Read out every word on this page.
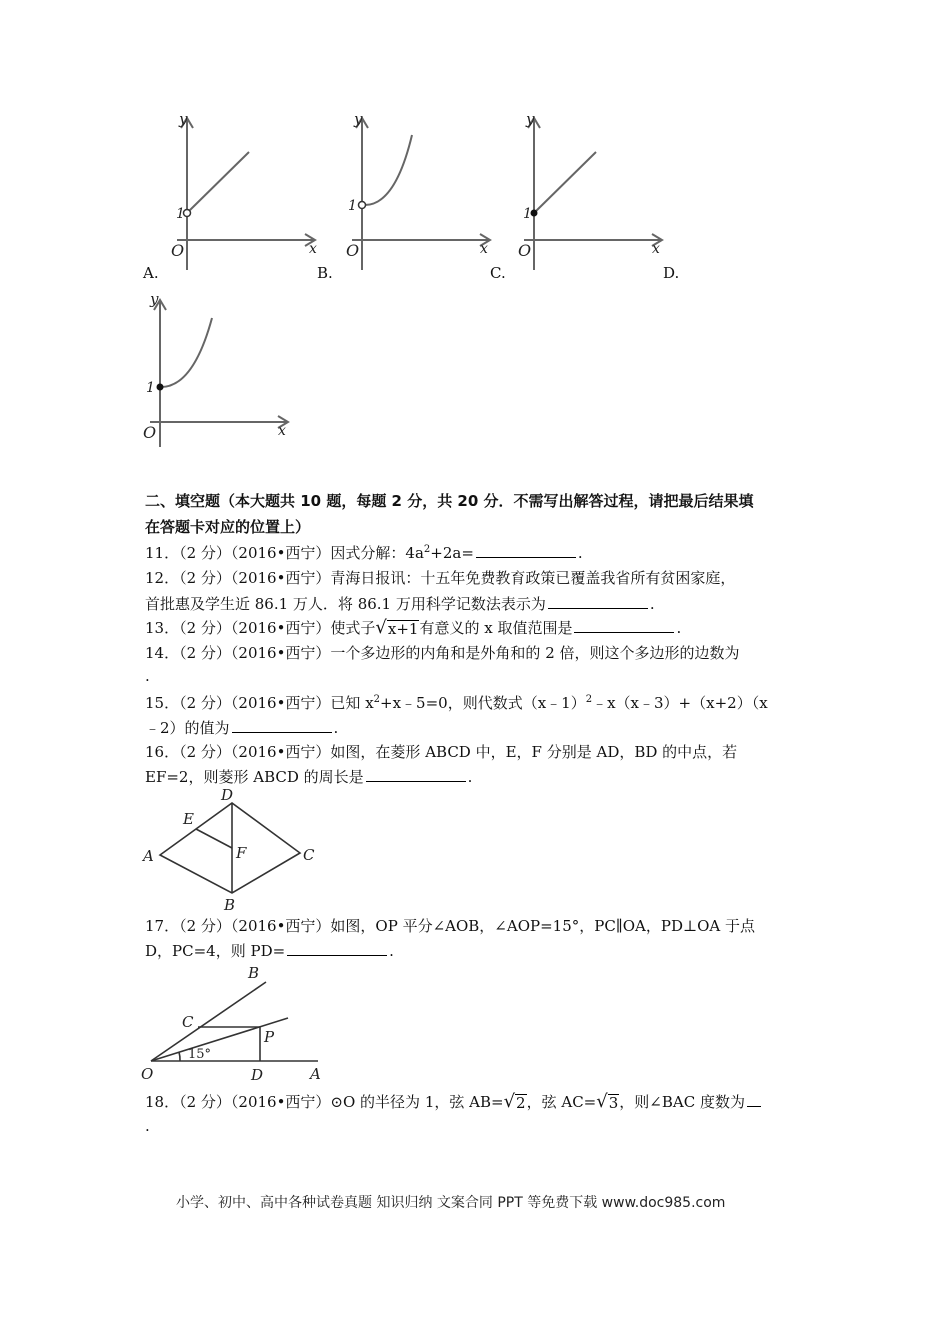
y
1
O	x
A.
y
1
O	x
B.
y
1
O	x
C.	D.
y
1
O	x
二、填空题（本大题共 10 题，每题 2 分，共 20 分．不需写出解答过程，请把最后结果填
在答题卡对应的位置上）
11．（2 分）（2016•西宁）因式分解：$4a^2+2a=$	.
12．（2 分）（2016•西宁）青海日报讯：十五年免费教育政策已覆盖我省所有贫困家庭，
首批惠及学生近 86.1 万人．将 86.1 万用科学记数法表示为	.
13．（2 分）（2016•西宁）使式子 √ x+1 有意义的 x 取值范围是	.
14．（2 分）（2016•西宁）一个多边形的内角和是外角和的 2 倍，则这个多边形的边数为
.
15．（2 分）（2016•西宁）已知 $x^2+x﹣5=0$，则代数式（x﹣1）$^2$﹣x（x﹣3）+（x+2）（x
﹣2）的值为	.
16．（2 分）（2016•西宁）如图，在菱形 ABCD 中，E，F 分别是 AD，BD 的中点，若
EF=2，则菱形 ABCD 的周长是	.
A
B
C
D
E
F
17．（2 分）（2016•西宁）如图，OP 平分∠AOB，∠AOP=15°，PC∥OA，PD⊥OA 于点
D，PC=4，则 PD=	.
O	A
B
C
D
P
15°
18．（2 分）（2016•西宁）⊙O 的半径为 1，弦 AB= √ 2 ，弦 AC= √ 3 ，则∠BAC 度数为
.
小学、初中、高中各种试卷真题 知识归纳 文案合同 PPT 等免费下载 www.doc985.com
